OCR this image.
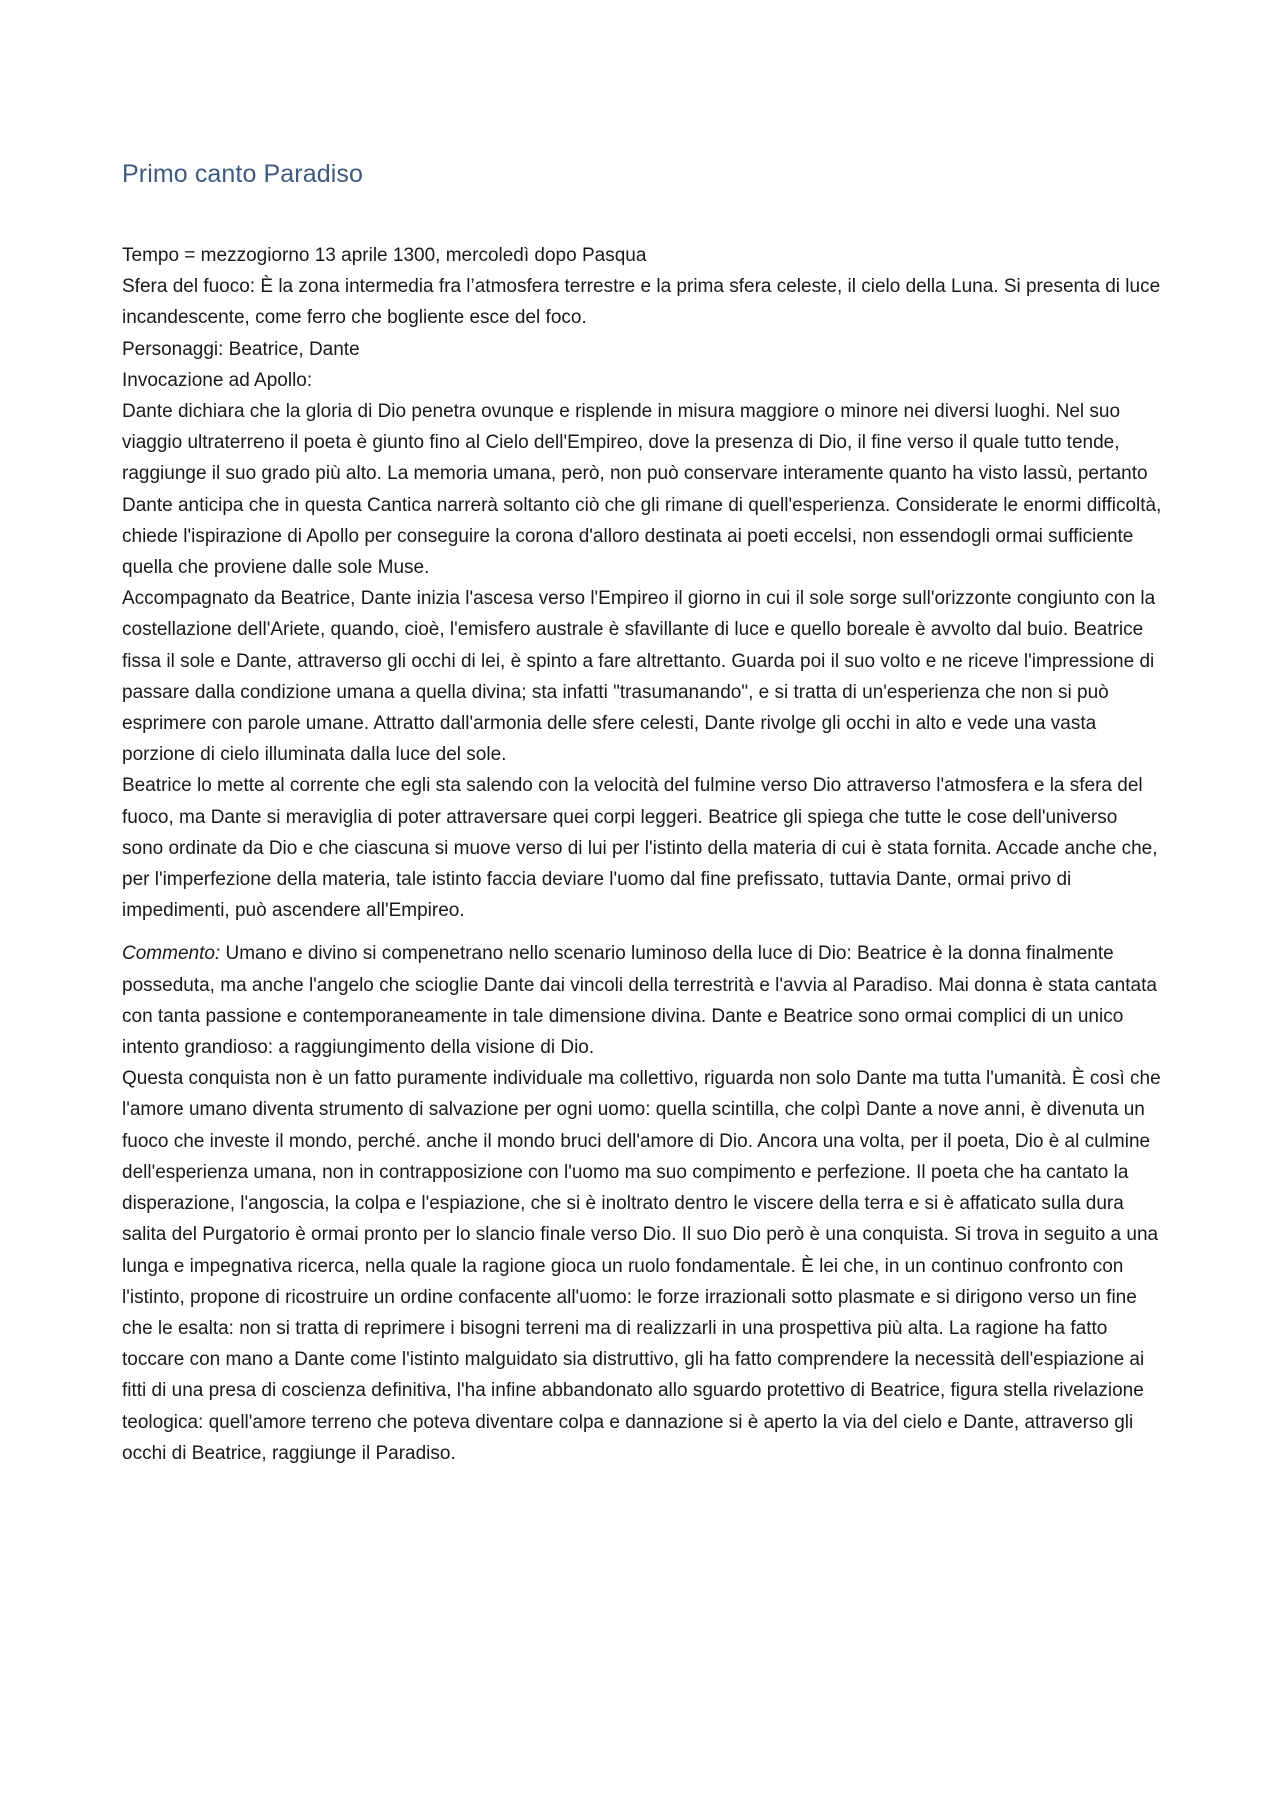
Primo canto Paradiso

Tempo = mezzogiorno 13 aprile 1300, mercoledì dopo Pasqua

Sfera del fuoco: È la zona intermedia fra l’atmosfera terrestre e la prima sfera celeste, il cielo della Luna. Si presenta di luce incandescente, come ferro che bogliente esce del foco.

Personaggi: Beatrice, Dante

Invocazione ad Apollo:

Dante dichiara che la gloria di Dio penetra ovunque e risplende in misura maggiore o minore nei diversi luoghi. Nel suo viaggio ultraterreno il poeta è giunto fino al Cielo dell'Empireo, dove la presenza di Dio, il fine verso il quale tutto tende, raggiunge il suo grado più alto. La memoria umana, però, non può conservare interamente quanto ha visto lassù, pertanto Dante anticipa che in questa Cantica narrerà soltanto ciò che gli rimane di quell'esperienza. Considerate le enormi difficoltà, chiede l'ispirazione di Apollo per conseguire la corona d'alloro destinata ai poeti eccelsi, non essendogli ormai sufficiente quella che proviene dalle sole Muse.

Accompagnato da Beatrice, Dante inizia l'ascesa verso l'Empireo il giorno in cui il sole sorge sull'orizzonte congiunto con la costellazione dell'Ariete, quando, cioè, l'emisfero australe è sfavillante di luce e quello boreale è avvolto dal buio. Beatrice fissa il sole e Dante, attraverso gli occhi di lei, è spinto a fare altrettanto. Guarda poi il suo volto e ne riceve l'impressione di passare dalla condizione umana a quella divina; sta infatti "trasumanando", e si tratta di un'esperienza che non si può esprimere con parole umane. Attratto dall'armonia delle sfere celesti, Dante rivolge gli occhi in alto e vede una vasta porzione di cielo illuminata dalla luce del sole.

Beatrice lo mette al corrente che egli sta salendo con la velocità del fulmine verso Dio attraverso l'atmosfera e la sfera del fuoco, ma Dante si meraviglia di poter attraversare quei corpi leggeri. Beatrice gli spiega che tutte le cose dell'universo sono ordinate da Dio e che ciascuna si muove verso di lui per l'istinto della materia di cui è stata fornita. Accade anche che, per l'imperfezione della materia, tale istinto faccia deviare l'uomo dal fine prefissato, tuttavia Dante, ormai privo di impedimenti, può ascendere all'Empireo.

Commento: Umano e divino si compenetrano nello scenario luminoso della luce di Dio: Beatrice è la donna finalmente posseduta, ma anche l'angelo che scioglie Dante dai vincoli della terrestrità e l'avvia al Paradiso. Mai donna è stata cantata con tanta passione e contemporaneamente in tale dimensione divina. Dante e Beatrice sono ormai complici di un unico intento grandioso: a raggiungimento della visione di Dio.

Questa conquista non è un fatto puramente individuale ma collettivo, riguarda non solo Dante ma tutta l'umanità. È così che l'amore umano diventa strumento di salvazione per ogni uomo: quella scintilla, che colpì Dante a nove anni, è divenuta un fuoco che investe il mondo, perché. anche il mondo bruci dell'amore di Dio. Ancora una volta, per il poeta, Dio è al culmine dell'esperienza umana, non in contrapposizione con l'uomo ma suo compimento e perfezione. Il poeta che ha cantato la disperazione, l'angoscia, la colpa e l'espiazione, che si è inoltrato dentro le viscere della terra e si è affaticato sulla dura salita del Purgatorio è ormai pronto per lo slancio finale verso Dio. Il suo Dio però è una conquista. Si trova in seguito a una lunga e impegnativa ricerca, nella quale la ragione gioca un ruolo fondamentale. È lei che, in un continuo confronto con l'istinto, propone di ricostruire un ordine confacente all'uomo: le forze irrazionali sotto plasmate e si dirigono verso un fine che le esalta: non si tratta di reprimere i bisogni terreni ma di realizzarli in una prospettiva più alta. La ragione ha fatto toccare con mano a Dante come l'istinto malguidato sia distruttivo, gli ha fatto comprendere la necessità dell'espiazione ai fitti di una presa di coscienza definitiva, l'ha infine abbandonato allo sguardo protettivo di Beatrice, figura stella rivelazione teologica: quell'amore terreno che poteva diventare colpa e dannazione si è aperto la via del cielo e Dante, attraverso gli occhi di Beatrice, raggiunge il Paradiso.
